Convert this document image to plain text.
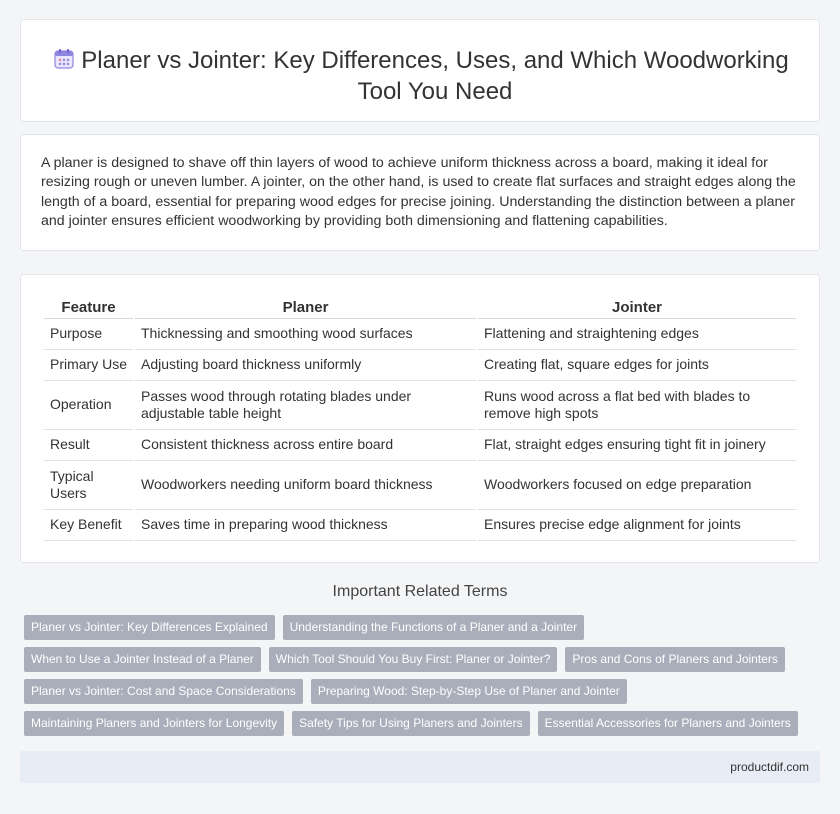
Planer vs Jointer: Key Differences, Uses, and Which Woodworking Tool You Need

A planer is designed to shave off thin layers of wood to achieve uniform thickness across a board, making it ideal for resizing rough or uneven lumber. A jointer, on the other hand, is used to create flat surfaces and straight edges along the length of a board, essential for preparing wood edges for precise joining. Understanding the distinction between a planer and jointer ensures efficient woodworking by providing both dimensioning and flattening capabilities.

Feature	Planer	Jointer
Purpose	Thicknessing and smoothing wood surfaces	Flattening and straightening edges
Primary Use	Adjusting board thickness uniformly	Creating flat, square edges for joints
Operation	Passes wood through rotating blades under adjustable table height	Runs wood across a flat bed with blades to remove high spots
Result	Consistent thickness across entire board	Flat, straight edges ensuring tight fit in joinery
Typical Users	Woodworkers needing uniform board thickness	Woodworkers focused on edge preparation
Key Benefit	Saves time in preparing wood thickness	Ensures precise edge alignment for joints
Important Related Terms
Planer vs Jointer: Key Differences Explained	Understanding the Functions of a Planer and a Jointer
When to Use a Jointer Instead of a Planer	Which Tool Should You Buy First: Planer or Jointer?	Pros and Cons of Planers and Jointers
Planer vs Jointer: Cost and Space Considerations	Preparing Wood: Step-by-Step Use of Planer and Jointer
Maintaining Planers and Jointers for Longevity	Safety Tips for Using Planers and Jointers	Essential Accessories for Planers and Jointers
productdif.com
